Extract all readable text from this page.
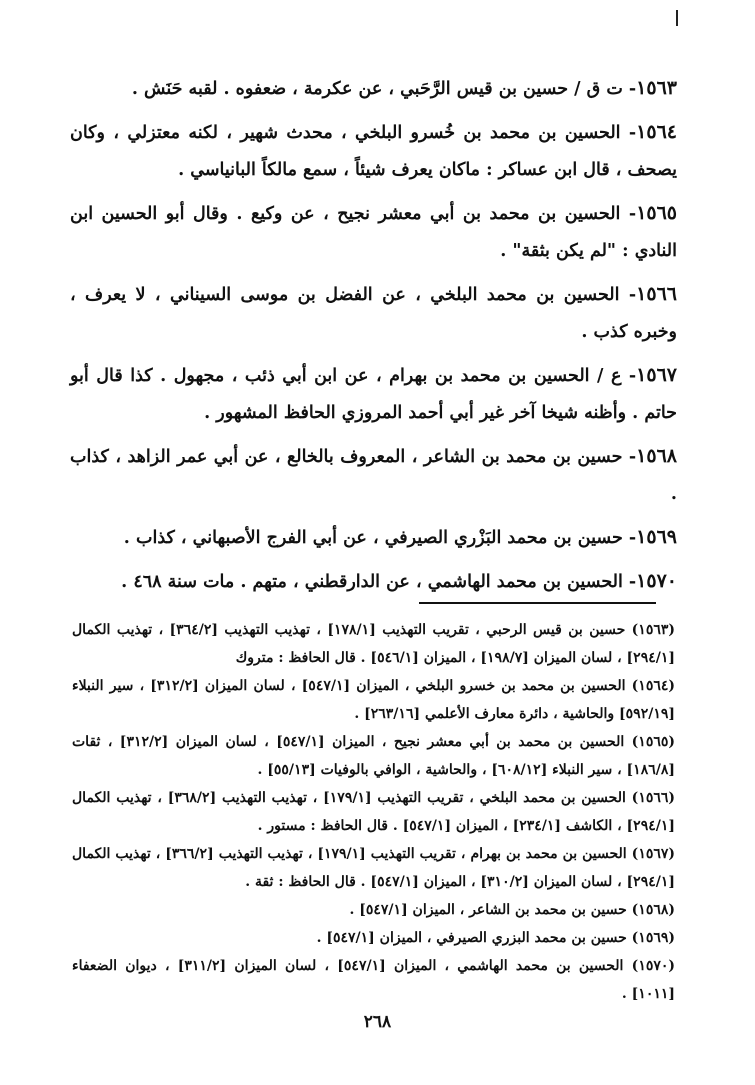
١٥٦٣- ت ق / حسين بن قيس الرَّحَبي ، عن عكرمة ، ضعفوه . لقبه حَنَش .

١٥٦٤- الحسين بن محمد بن خُسرو البلخي ، محدث شهير ، لكنه معتزلي ، وكان يصحف ، قال ابن عساكر : ماكان يعرف شيئاً ، سمع مالكاً البانياسي .

١٥٦٥- الحسين بن محمد بن أبي معشر نجيح ، عن وكيع . وقال أبو الحسين ابن النادي : "لم يكن بثقة" .

١٥٦٦- الحسين بن محمد البلخي ، عن الفضل بن موسى السيناني ، لا يعرف ، وخبره كذب .

١٥٦٧- ع / الحسين بن محمد بن بهرام ، عن ابن أبي ذئب ، مجهول . كذا قال أبو حاتم . وأظنه شيخا آخر غير أبي أحمد المروزي الحافظ المشهور .

١٥٦٨- حسين بن محمد بن الشاعر ، المعروف بالخالع ، عن أبي عمر الزاهد ، كذاب .

١٥٦٩- حسين بن محمد البَزْري الصيرفي ، عن أبي الفرج الأصبهاني ، كذاب .

١٥٧٠- الحسين بن محمد الهاشمي ، عن الدارقطني ، متهم . مات سنة ٤٦٨ .

(١٥٦٣) حسين بن قيس الرحبي ، تقريب التهذيب [١٧٨/١] ، تهذيب التهذيب [٣٦٤/٢] ، تهذيب الكمال [٢٩٤/١] ، لسان الميزان [١٩٨/٧] ، الميزان [٥٤٦/١] . قال الحافظ : متروك

(١٥٦٤) الحسين بن محمد بن خسرو البلخي ، الميزان [٥٤٧/١] ، لسان الميزان [٣١٢/٢] ، سير النبلاء [٥٩٢/١٩] والحاشية ، دائرة معارف الأعلمي [٢٦٣/١٦] .

(١٥٦٥) الحسين بن محمد بن أبي معشر نجيح ، الميزان [٥٤٧/١] ، لسان الميزان [٣١٢/٢] ، ثقات [١٨٦/٨] ، سير النبلاء [٦٠٨/١٢] ، والحاشية ، الوافي بالوفيات [٥٥/١٣] .

(١٥٦٦) الحسين بن محمد البلخي ، تقريب التهذيب [١٧٩/١] ، تهذيب التهذيب [٣٦٨/٢] ، تهذيب الكمال [٢٩٤/١] ، الكاشف [٢٣٤/١] ، الميزان [٥٤٧/١] . قال الحافظ : مستور .

(١٥٦٧) الحسين بن محمد بن بهرام ، تقريب التهذيب [١٧٩/١] ، تهذيب التهذيب [٣٦٦/٢] ، تهذيب الكمال [٢٩٤/١] ، لسان الميزان [٣١٠/٢] ، الميزان [٥٤٧/١] . قال الحافظ : ثقة .

(١٥٦٨) حسين بن محمد بن الشاعر ، الميزان [٥٤٧/١] .

(١٥٦٩) حسين بن محمد البزري الصيرفي ، الميزان [٥٤٧/١] .

(١٥٧٠) الحسين بن محمد الهاشمي ، الميزان [٥٤٧/١] ، لسان الميزان [٣١١/٢] ، ديوان الضعفاء [١٠١١] .

٢٦٨
